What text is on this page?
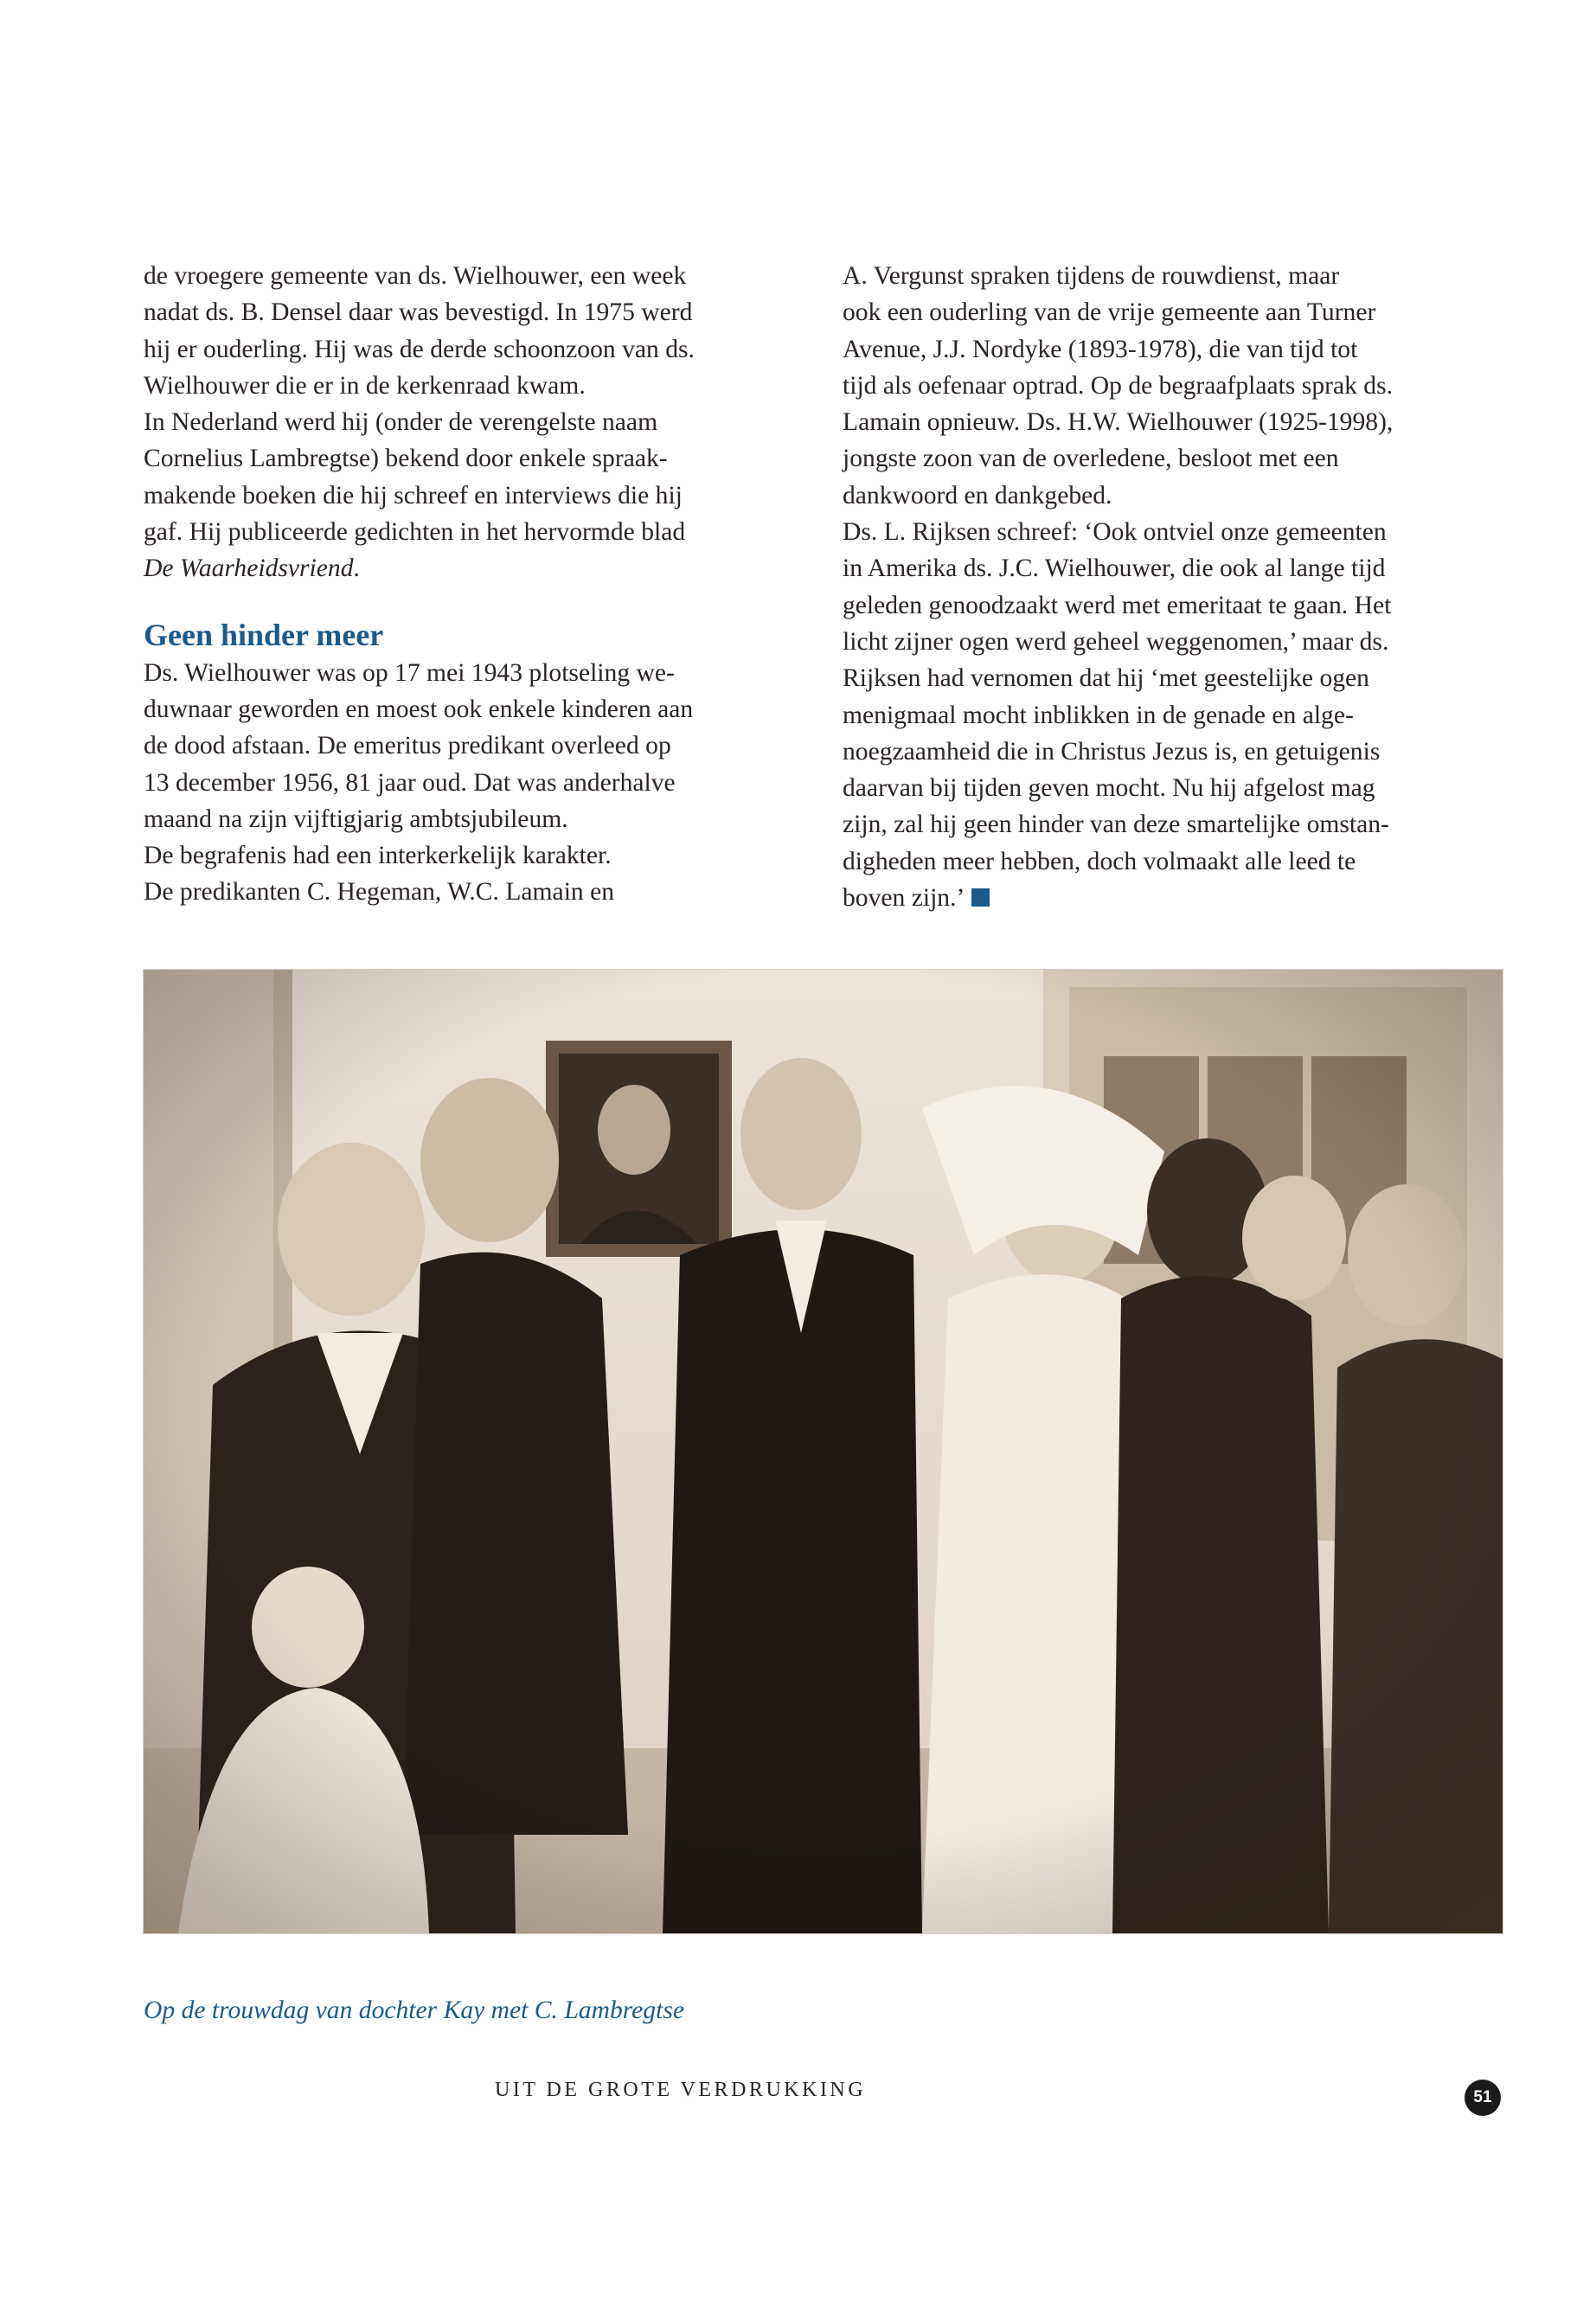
de vroegere gemeente van ds. Wielhouwer, een week

nadat ds. B. Densel daar was bevestigd. In 1975 werd

hij er ouderling. Hij was de derde schoonzoon van ds.

Wielhouwer die er in de kerkenraad kwam.

In Nederland werd hij (onder de verengelste naam

Cornelius Lambregtse) bekend door enkele spraak-

makende boeken die hij schreef en interviews die hij

gaf. Hij publiceerde gedichten in het hervormde blad

De Waarheidsvriend.

Geen hinder meer

Ds. Wielhouwer was op 17 mei 1943 plotseling we-

duwnaar geworden en moest ook enkele kinderen aan

de dood afstaan. De emeritus predikant overleed op

13 december 1956, 81 jaar oud. Dat was anderhalve

maand na zijn vijftigjarig ambtsjubileum.

De begrafenis had een interkerkelijk karakter.

De predikanten C. Hegeman, W.C. Lamain en

A. Vergunst spraken tijdens de rouwdienst, maar

ook een ouderling van de vrije gemeente aan Turner

Avenue, J.J. Nordyke (1893-1978), die van tijd tot

tijd als oefenaar optrad. Op de begraafplaats sprak ds.

Lamain opnieuw. Ds. H.W. Wielhouwer (1925-1998),

jongste zoon van de overledene, besloot met een

dankwoord en dankgebed.

Ds. L. Rijksen schreef: ‘Ook ontviel onze gemeenten

in Amerika ds. J.C. Wielhouwer, die ook al lange tijd

geleden genoodzaakt werd met emeritaat te gaan. Het

licht zijner ogen werd geheel weggenomen,’ maar ds.

Rijksen had vernomen dat hij ‘met geestelijke ogen

menigmaal mocht inblikken in de genade en alge-

noegzaamheid die in Christus Jezus is, en getuigenis

daarvan bij tijden geven mocht. Nu hij afgelost mag

zijn, zal hij geen hinder van deze smartelijke omstan-

digheden meer hebben, doch volmaakt alle leed te

boven zijn.’

Op de trouwdag van dochter Kay met C. Lambregtse

UIT DE GROTE VERDRUKKING	51
